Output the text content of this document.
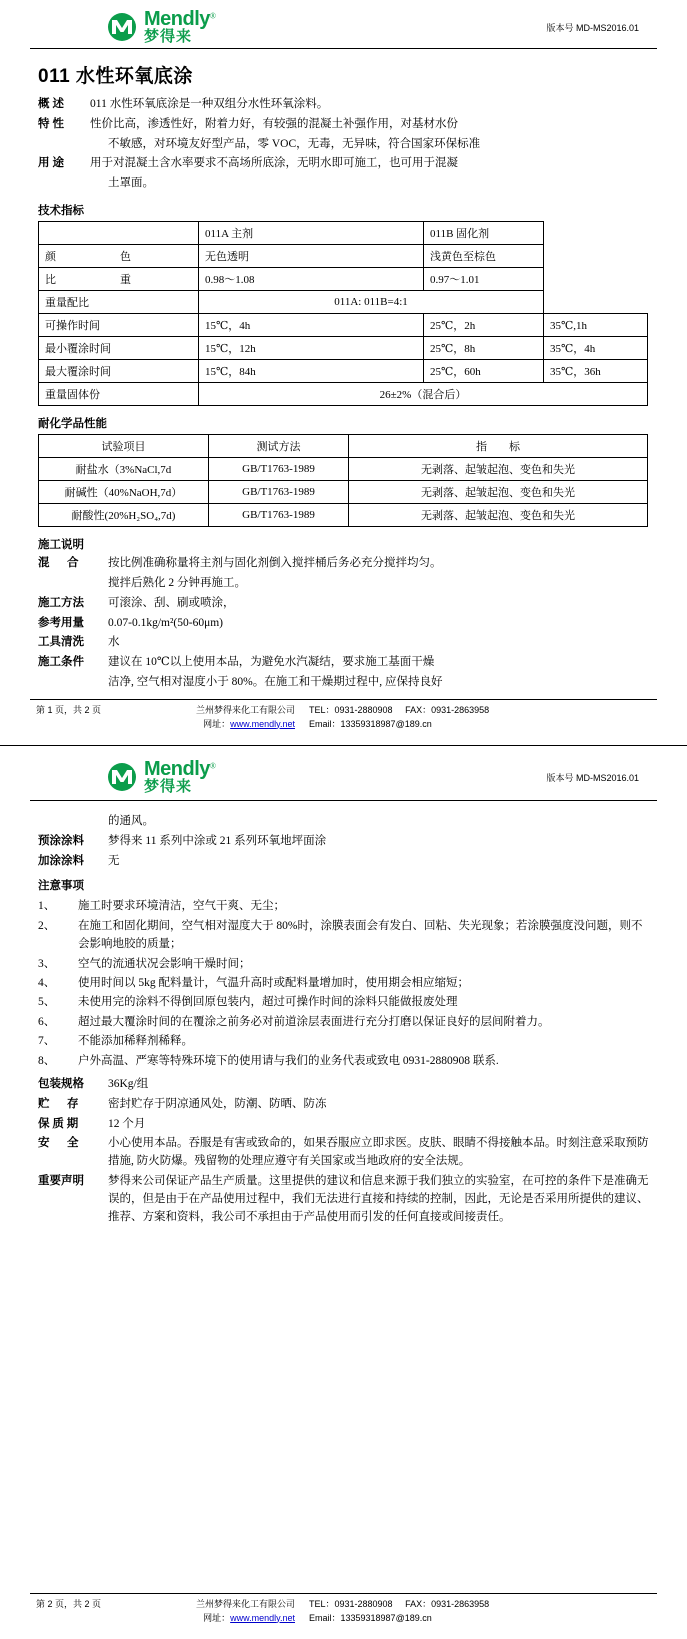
Mendly®
梦得来
版本号 MD-MS2016.01
011 水性环氧底涂
概述	011 水性环氧底涂是一种双组分水性环氧涂料。
特性	性价比高，渗透性好，附着力好，有较强的混凝土补强作用，对基材水份
不敏感，对环境友好型产品，零 VOC，无毒，无异味，符合国家环保标准
用途	用于对混凝土含水率要求不高场所底涂，无明水即可施工，也可用于混凝
土罩面。
技术指标
	011A 主剂	011B 固化剂	
颜　　色	无色透明	浅黄色至棕色	
比　　重	0.98～1.08	0.97～1.01	
重量配比	011A: 011B=4:1		
可操作时间	15℃，4h	25℃，2h	35℃,1h
最小覆涂时间	15℃，12h	25℃，8h	35℃，4h
最大覆涂时间	15℃，84h	25℃，60h	35℃，36h
重量固体份	26±2%（混合后）		
耐化学品性能
试验项目	测试方法	指　　标
耐盐水（3%NaCl,7d	GB/T1763-1989	无剥落、起皱起泡、变色和失光
耐碱性（40%NaOH,7d）	GB/T1763-1989	无剥落、起皱起泡、变色和失光
耐酸性(20%H₂SO₄,7d)	GB/T1763-1989	无剥落、起皱起泡、变色和失光
施工说明
混　合	按比例准确称量将主剂与固化剂倒入搅拌桶后务必充分搅拌均匀。
搅拌后熟化 2 分钟再施工。
施工方法	可滚涂、刮、刷或喷涂，
参考用量	0.07-0.1kg/m²(50-60μm)
工具清洗	水
施工条件	建议在 10℃以上使用本品，为避免水汽凝结，要求施工基面干燥
洁净, 空气相对湿度小于 80%。在施工和干燥期过程中, 应保持良好
第 1 页，共 2 页	兰州梦得来化工有限公司	TEL：0931-2880908 FAX：0931-2863958
网址：www.mendly.net	Email：13359318987@189.cn
Mendly®
梦得来
版本号 MD-MS2016.01
的通风。
预涂涂料	梦得来 11 系列中涂或 21 系列环氧地坪面涂
加涂涂料	无
注意事项
1、	施工时要求环境清洁，空气干爽、无尘；
2、	在施工和固化期间，空气相对湿度大于 80%时，涂膜表面会有发白、回粘、失光现象；若涂膜强度没问题，则不会影响地胶的质量；
3、	空气的流通状况会影响干燥时间；
4、	使用时间以 5kg 配料量计，气温升高时或配料量增加时，使用期会相应缩短；
5、	未使用完的涂料不得倒回原包装内，超过可操作时间的涂料只能做报废处理
6、	超过最大覆涂时间的在覆涂之前务必对前道涂层表面进行充分打磨以保证良好的层间附着力。
7、	不能添加稀释剂稀释。
8、	户外高温、严寒等特殊环境下的使用请与我们的业务代表或致电 0931-2880908 联系.
包装规格	36Kg/组
贮　存	密封贮存于阴凉通风处，防潮、防晒、防冻
保 质 期	12 个月
安　全	小心使用本品。吞服是有害或致命的，如果吞服应立即求医。皮肤、眼睛不得接触本品。时刻注意采取预防措施, 防火防爆。残留物的处理应遵守有关国家或当地政府的安全法规。
重要声明	梦得来公司保证产品生产质量。这里提供的建议和信息来源于我们独立的实验室，在可控的条件下是准确无误的，但是由于在产品使用过程中，我们无法进行直接和持续的控制，因此，无论是否采用所提供的建议、推荐、方案和资料，我公司不承担由于产品使用而引发的任何直接或间接责任。
第 2 页，共 2 页	兰州梦得来化工有限公司	TEL：0931-2880908 FAX：0931-2863958
网址：www.mendly.net	Email：13359318987@189.cn
